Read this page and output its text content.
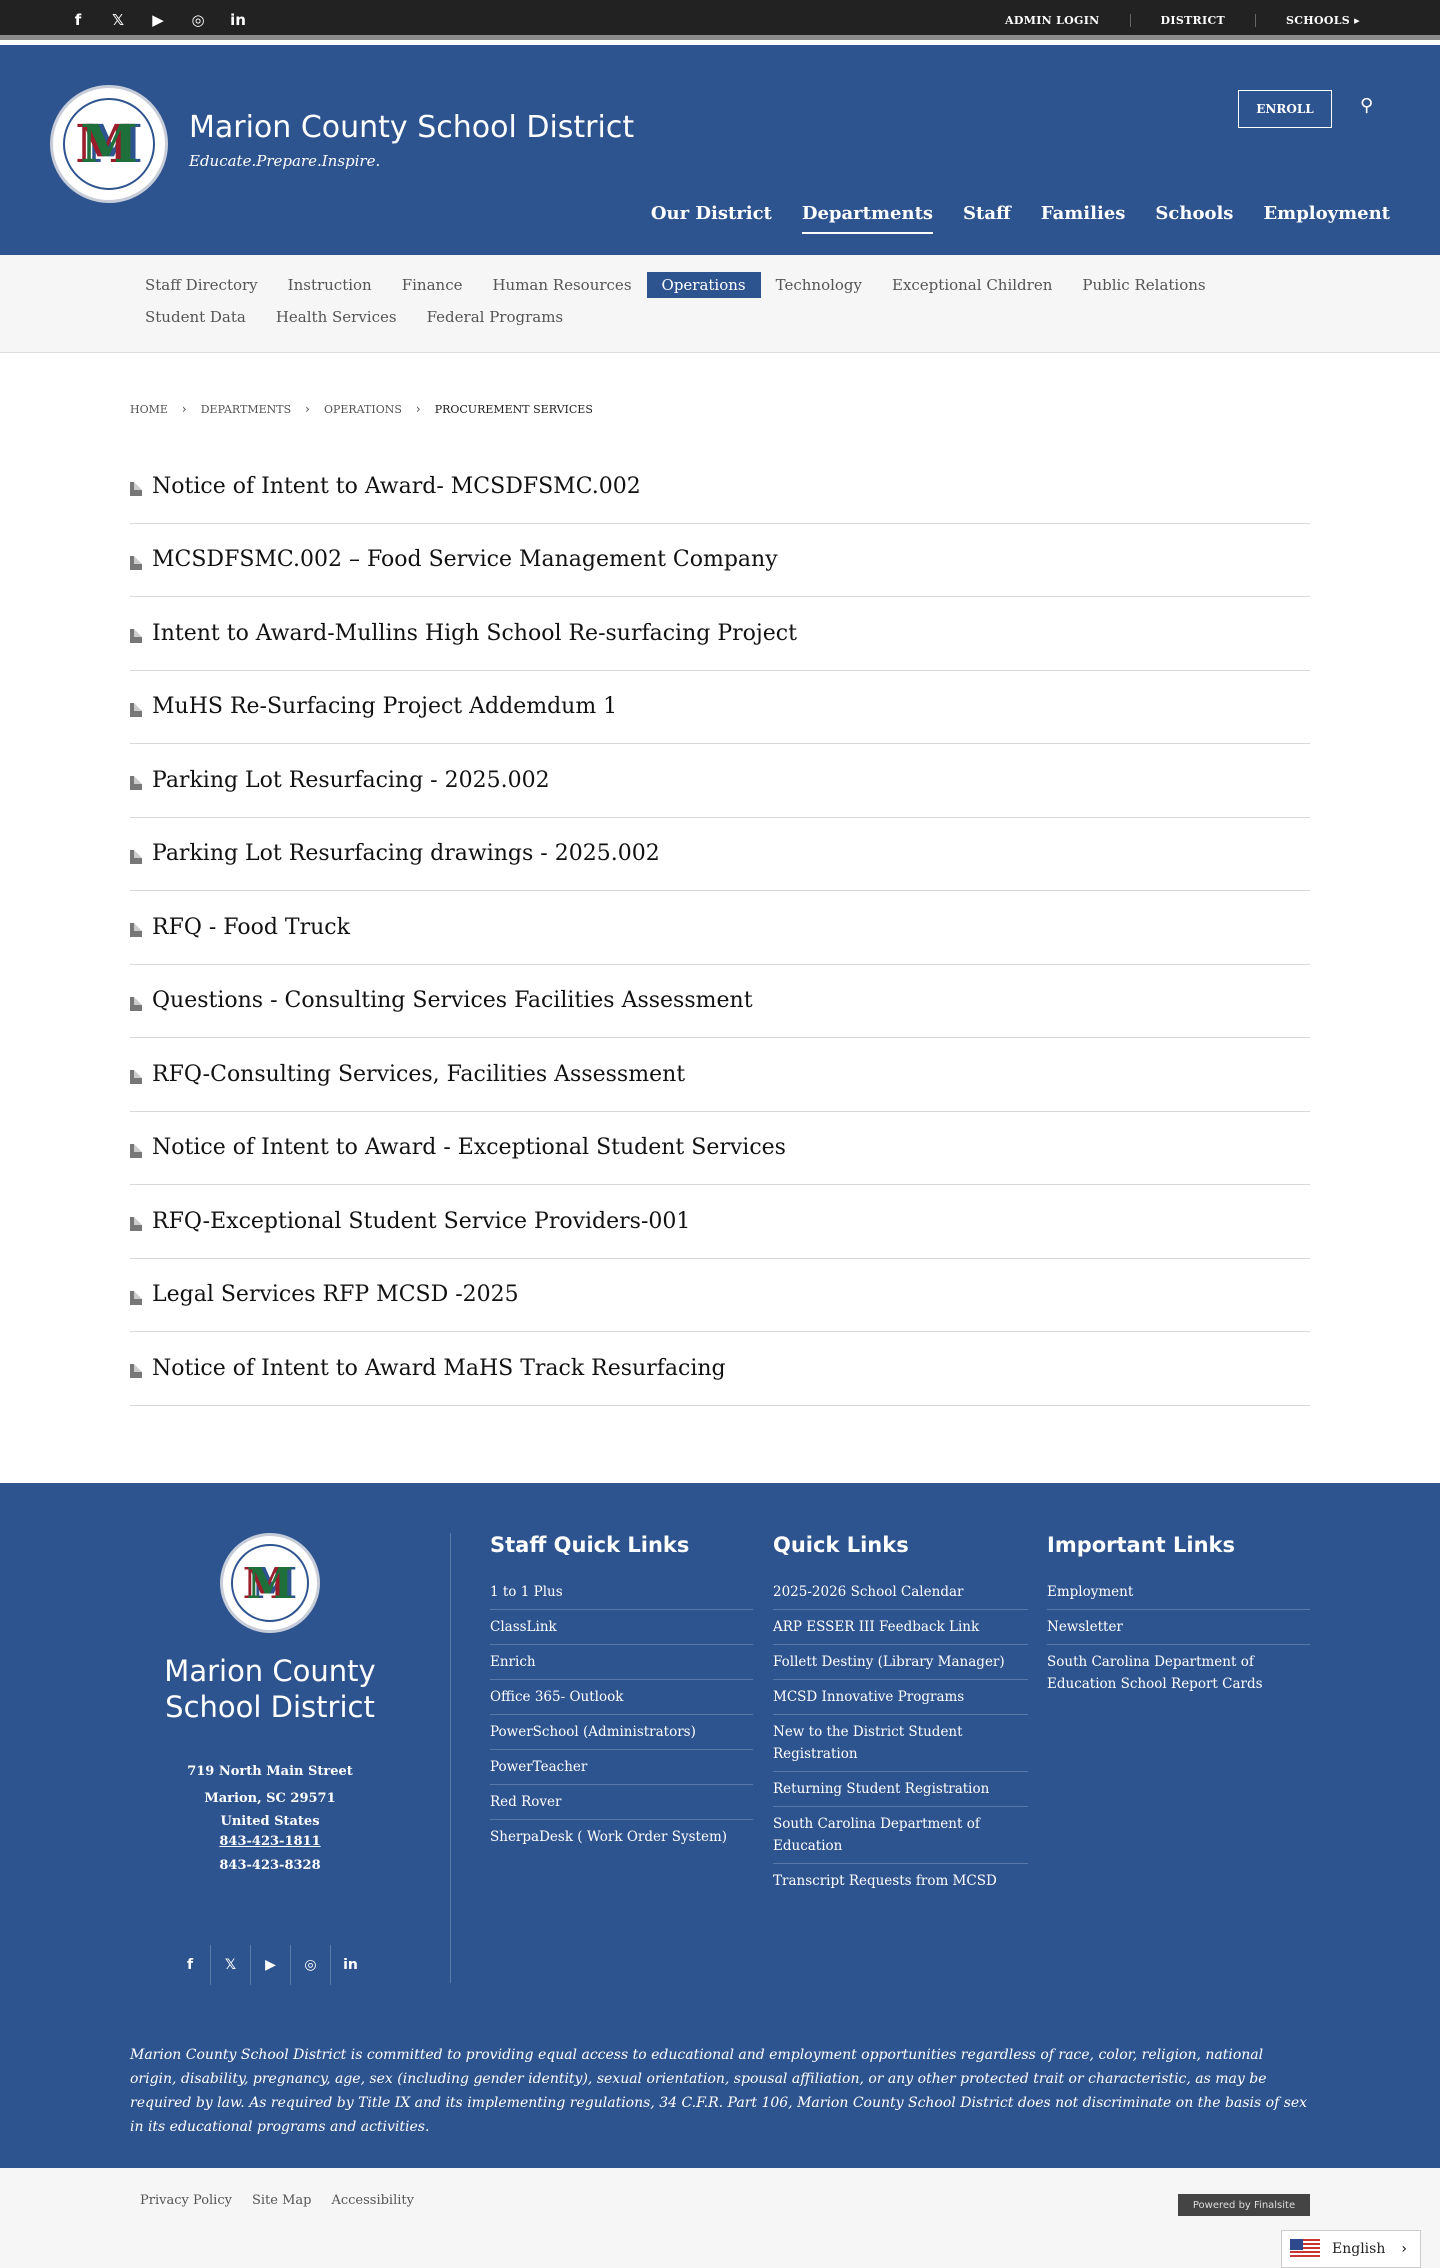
f	𝕏	▶	◎	in	ADMIN LOGIN	DISTRICT	SCHOOLS ▸
M Marion County School District
Educate.Prepare.Inspire.
ENROLL	⚲
Our District Departments Staff Families Schools Employment
Staff Directory	Instruction	Finance	Human Resources	Operations	Technology	Exceptional Children	Public Relations
Student Data	Health Services	Federal Programs
HOME › DEPARTMENTS › OPERATIONS › PROCUREMENT SERVICES
Notice of Intent to Award- MCSDFSMC.002
MCSDFSMC.002 – Food Service Management Company
Intent to Award-Mullins High School Re-surfacing Project
MuHS Re-Surfacing Project Addemdum 1
Parking Lot Resurfacing - 2025.002
Parking Lot Resurfacing drawings - 2025.002
RFQ - Food Truck
Questions - Consulting Services Facilities Assessment
RFQ-Consulting Services, Facilities Assessment
Notice of Intent to Award - Exceptional Student Services
RFQ-Exceptional Student Service Providers-001
Legal Services RFP MCSD -2025
Notice of Intent to Award MaHS Track Resurfacing
M
Marion County
School District
719 North Main Street
Marion, SC 29571
United States
843-423-1811
843-423-8328
f	𝕏	▶	◎	in
Staff Quick Links
1 to 1 Plus
ClassLink
Enrich
Office 365- Outlook
PowerSchool (Administrators)
PowerTeacher
Red Rover
SherpaDesk ( Work Order System)
Quick Links
2025-2026 School Calendar
ARP ESSER III Feedback Link
Follett Destiny (Library Manager)
MCSD Innovative Programs
New to the District Student Registration
Returning Student Registration
South Carolina Department of Education
Transcript Requests from MCSD
Important Links
Employment
Newsletter
South Carolina Department of Education School Report Cards
Marion County School District is committed to providing equal access to educational and employment opportunities regardless of race, color, religion, national origin, disability, pregnancy, age, sex (including gender identity), sexual orientation, spousal affiliation, or any other protected trait or characteristic, as may be required by law. As required by Title IX and its implementing regulations, 34 C.F.R. Part 106, Marion County School District does not discriminate on the basis of sex in its educational programs and activities.
Privacy Policy	Site Map	Accessibility	Powered by Finalsite
English ›
